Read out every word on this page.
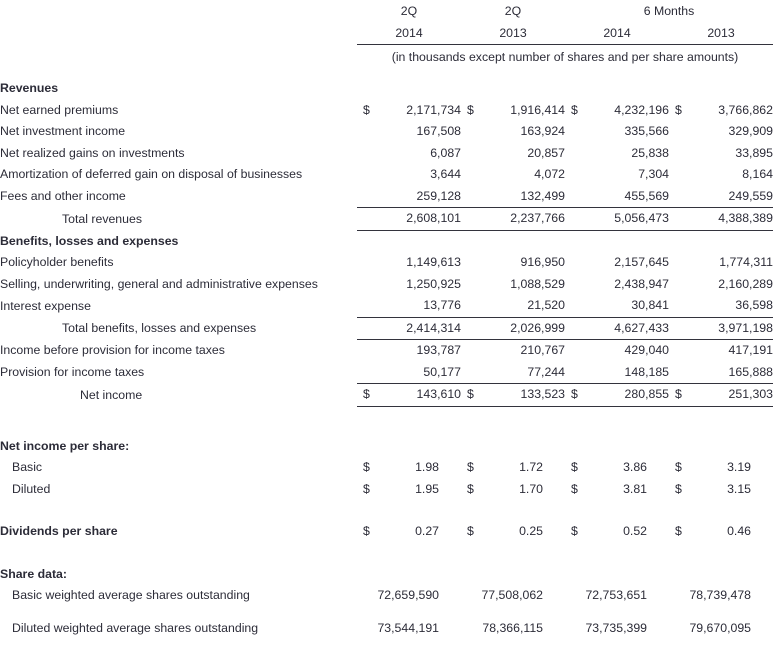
	2Q	2Q	6 Months	
	2014	2013	2014	2013

	(in thousands except number of shares and per share amounts)			

Revenues				
Net earned premiums	$ 2,171,734	$ 1,916,414	$ 4,232,196	$ 3,766,862
Net investment income	167,508	163,924	335,566	329,909
Net realized gains on investments	6,087	20,857	25,838	33,895
Amortization of deferred gain on disposal of businesses	3,644	4,072	7,304	8,164
Fees and other income	259,128	132,499	455,569	249,559
Total revenues	2,608,101	2,237,766	5,056,473	4,388,389
Benefits, losses and expenses				
Policyholder benefits	1,149,613	916,950	2,157,645	1,774,311
Selling, underwriting, general and administrative expenses	1,250,925	1,088,529	2,438,947	2,160,289
Interest expense	13,776	21,520	30,841	36,598
Total benefits, losses and expenses	2,414,314	2,026,999	4,627,433	3,971,198
Income before provision for income taxes	193,787	210,767	429,040	417,191
Provision for income taxes	50,177	77,244	148,185	165,888
Net income	$ 143,610	$ 133,523	$ 280,855	$ 251,303

Net income per share:				
Basic	$ 1.98	$ 1.72	$ 3.86	$ 3.19
Diluted	$ 1.95	$ 1.70	$ 3.81	$ 3.15

Dividends per share	$ 0.27	$ 0.25	$ 0.52	$ 0.46

Share data:				
Basic weighted average shares outstanding	72,659,590	77,508,062	72,753,651	78,739,478

Diluted weighted average shares outstanding	73,544,191	78,366,115	73,735,399	79,670,095
